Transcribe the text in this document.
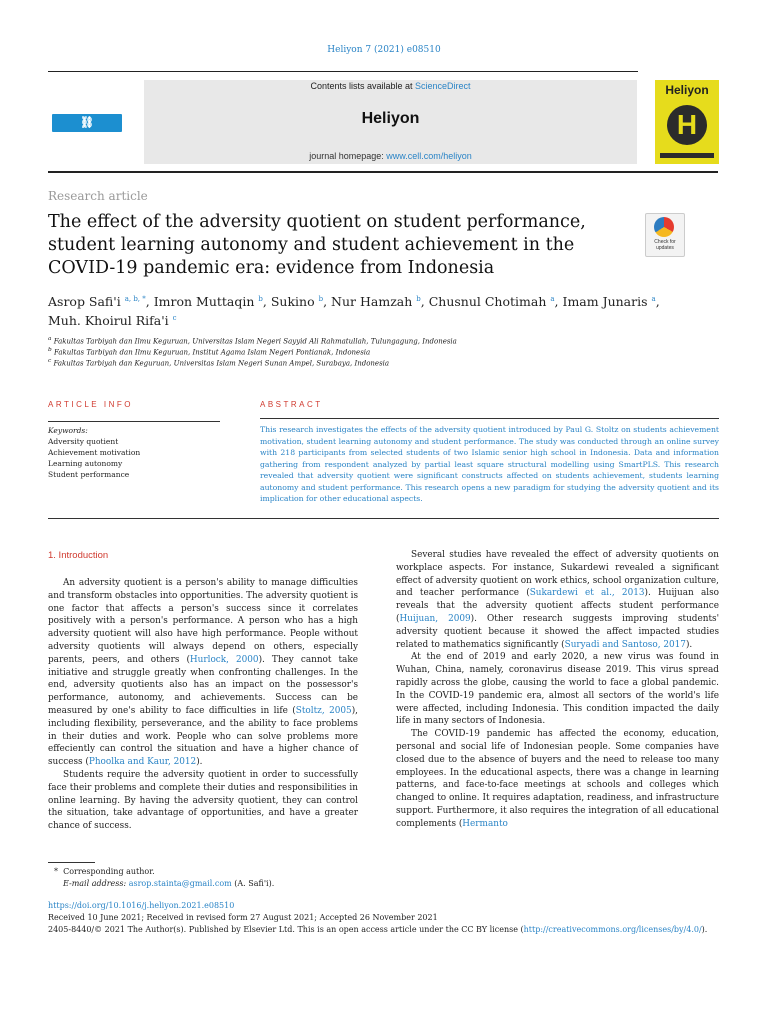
Heliyon 7 (2021) e08510
⛓ CellPress
Contents lists available at ScienceDirect
Heliyon
journal homepage: www.cell.com/heliyon
Heliyon
H
Research article
The effect of the adversity quotient on student performance, student learning autonomy and student achievement in the COVID-19 pandemic era: evidence from Indonesia
Check for updates
Asrop Safi'i $^{a, b, *}$, Imron Muttaqin $^b$, Sukino $^b$, Nur Hamzah $^b$, Chusnul Chotimah $^a$, Imam Junaris $^a$, Muh. Khoirul Rifa'i $^c$
$^a$ Fakultas Tarbiyah dan Ilmu Keguruan, Universitas Islam Negeri Sayyid Ali Rahmatullah, Tulungagung, Indonesia
$^b$ Fakultas Tarbiyah dan Ilmu Keguruan, Institut Agama Islam Negeri Pontianak, Indonesia
$^c$ Fakultas Tarbiyah dan Keguruan, Universitas Islam Negeri Sunan Ampel, Surabaya, Indonesia
ARTICLE INFO	ABSTRACT
Keywords:
Adversity quotient
Achievement motivation
Learning autonomy
Student performance
This research investigates the effects of the adversity quotient introduced by Paul G. Stoltz on students achievement motivation, student learning autonomy and student performance. The study was conducted through an online survey with 218 participants from selected students of two Islamic senior high school in Indonesia. Data and information gathering from respondent analyzed by partial least square structural modelling using SmartPLS. This research revealed that adversity quotient were significant constructs affected on students achievement, students learning autonomy and student performance. This research opens a new paradigm for studying the adversity quotient and its implication for other educational aspects.
1. Introduction

An adversity quotient is a person's ability to manage difficulties and transform obstacles into opportunities. The adversity quotient is one factor that affects a person's success since it correlates positively with a person's performance. A person who has a high adversity quotient will also have high performance. People without adversity quotients will always depend on others, especially parents, peers, and others (Hurlock, 2000). They cannot take initiative and struggle greatly when confronting challenges. In the end, adversity quotients also has an impact on the possessor's performance, autonomy, and achievements. Success can be measured by one's ability to face difficulties in life (Stoltz, 2005), including flexibility, perseverance, and the ability to face problems in their duties and work. People who can solve problems more effeciently can control the situation and have a higher chance of success (Phoolka and Kaur, 2012).

Students require the adversity quotient in order to successfully face their problems and complete their duties and responsibilities in online learning. By having the adversity quotient, they can control the situation, take advantage of opportunities, and have a greater chance of success.

Several studies have revealed the effect of adversity quotients on workplace aspects. For instance, Sukardewi revealed a significant effect of adversity quotient on work ethics, school organization culture, and teacher performance (Sukardewi et al., 2013). Huijuan also reveals that the adversity quotient affects student performance (Huijuan, 2009). Other research suggests improving students' adversity quotient because it showed the affect impacted studies related to mathematics significantly (Suryadi and Santoso, 2017).

At the end of 2019 and early 2020, a new virus was found in Wuhan, China, namely, coronavirus disease 2019. This virus spread rapidly across the globe, causing the world to face a global pandemic. In the COVID-19 pandemic era, almost all sectors of the world's life were affected, including Indonesia. This condition impacted the daily life in many sectors of Indonesia.

The COVID-19 pandemic has affected the economy, education, personal and social life of Indonesian people. Some companies have closed due to the absence of buyers and the need to release too many employees. In the educational aspects, there was a change in learning patterns, and face-to-face meetings at schools and colleges which changed to online. It requires adaptation, readiness, and infrastructure support. Furthermore, it also requires the integration of all educational complements (Hermanto

* Corresponding author.
E-mail address: asrop.stainta@gmail.com (A. Safi'i).
https://doi.org/10.1016/j.heliyon.2021.e08510
Received 10 June 2021; Received in revised form 27 August 2021; Accepted 26 November 2021
2405-8440/© 2021 The Author(s). Published by Elsevier Ltd. This is an open access article under the CC BY license (http://creativecommons.org/licenses/by/4.0/).
